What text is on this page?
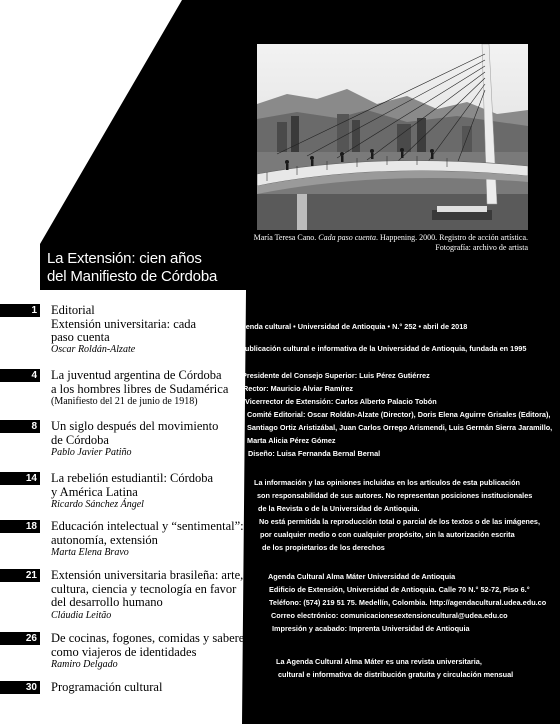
María Teresa Cano. Cada paso cuenta. Happening. 2000. Registro de acción artística.
Fotografía: archivo de artista
La Extensión: cien años
del Manifiesto de Córdoba
1 Editorial
Extensión universitaria: cada
paso cuenta
Oscar Roldán-Alzate
4 La juventud argentina de Córdoba
a los hombres libres de Sudamérica
(Manifiesto del 21 de junio de 1918)
8 Un siglo después del movimiento
de Córdoba
Pablo Javier Patiño
14 La rebelión estudiantil: Córdoba
y América Latina
Ricardo Sánchez Ángel
18 Educación intelectual y “sentimental”:
autonomía, extensión
Marta Elena Bravo
21 Extensión universitaria brasileña: arte,
cultura, ciencia y tecnología en favor
del desarrollo humano
Cláudia Leitão
26 De cocinas, fogones, comidas y saberes
como viajeros de identidades
Ramiro Delgado
30 Programación cultural
Agenda cultural • Universidad de Antioquia • N.° 252 • abril de 2018
Publicación cultural e informativa de la Universidad de Antioquia, fundada en 1995
Presidente del Consejo Superior: Luis Pérez Gutiérrez
Rector: Mauricio Alviar Ramírez
Vicerrector de Extensión: Carlos Alberto Palacio Tobón
Comité Editorial: Oscar Roldán-Alzate (Director), Doris Elena Aguirre Grisales (Editora),
Santiago Ortiz Aristizábal, Juan Carlos Orrego Arismendi, Luis Germán Sierra Jaramillo,
Marta Alicia Pérez Gómez
Diseño: Luisa Fernanda Bernal Bernal
La información y las opiniones incluidas en los artículos de esta publicación
son responsabilidad de sus autores. No representan posiciones institucionales
de la Revista o de la Universidad de Antioquia.
No está permitida la reproducción total o parcial de los textos o de las imágenes,
por cualquier medio o con cualquier propósito, sin la autorización escrita
de los propietarios de los derechos
Agenda Cultural Alma Máter Universidad de Antioquia
Edificio de Extensión, Universidad de Antioquia. Calle 70 N.° 52-72, Piso 6.°
Teléfono: (574) 219 51 75. Medellín, Colombia. http://agendacultural.udea.edu.co
Correo electrónico: comunicacionesextensioncultural@udea.edu.co
Impresión y acabado: Imprenta Universidad de Antioquia
La Agenda Cultural Alma Máter es una revista universitaria,
cultural e informativa de distribución gratuita y circulación mensual
